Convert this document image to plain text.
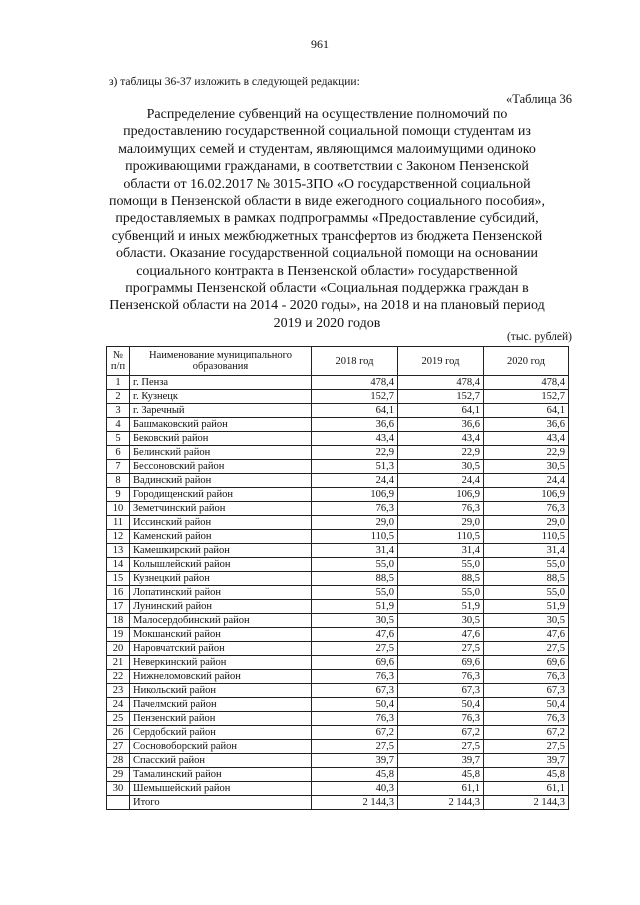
961
з) таблицы 36-37 изложить в следующей редакции:
«Таблица 36
Распределение субвенций на осуществление полномочий по
предоставлению государственной социальной помощи студентам из
малоимущих семей и студентам, являющимся малоимущими одиноко
проживающими гражданами, в соответствии с Законом Пензенской
области от 16.02.2017 № 3015-ЗПО «О государственной социальной
помощи в Пензенской области в виде ежегодного социального пособия»,
предоставляемых в рамках подпрограммы «Предоставление субсидий,
субвенций и иных межбюджетных трансфертов из бюджета Пензенской
области. Оказание государственной социальной помощи на основании
социального контракта в Пензенской области» государственной
программы Пензенской области «Социальная поддержка граждан в
Пензенской области на 2014 - 2020 годы», на 2018 и на плановый период
2019 и 2020 годов
(тыс. рублей)
№ п/п	Наименование муниципального образования	2018 год	2019 год	2020 год
1	г. Пенза	478,4	478,4	478,4
2	г. Кузнецк	152,7	152,7	152,7
3	г. Заречный	64,1	64,1	64,1
4	Башмаковский район	36,6	36,6	36,6
5	Бековский район	43,4	43,4	43,4
6	Белинский район	22,9	22,9	22,9
7	Бессоновский район	51,3	30,5	30,5
8	Вадинский район	24,4	24,4	24,4
9	Городищенский район	106,9	106,9	106,9
10	Земетчинский район	76,3	76,3	76,3
11	Иссинский район	29,0	29,0	29,0
12	Каменский район	110,5	110,5	110,5
13	Камешкирский район	31,4	31,4	31,4
14	Колышлейский район	55,0	55,0	55,0
15	Кузнецкий район	88,5	88,5	88,5
16	Лопатинский район	55,0	55,0	55,0
17	Лунинский район	51,9	51,9	51,9
18	Малосердобинский район	30,5	30,5	30,5
19	Мокшанский район	47,6	47,6	47,6
20	Наровчатский район	27,5	27,5	27,5
21	Неверкинский район	69,6	69,6	69,6
22	Нижнеломовский район	76,3	76,3	76,3
23	Никольский район	67,3	67,3	67,3
24	Пачелмский район	50,4	50,4	50,4
25	Пензенский район	76,3	76,3	76,3
26	Сердобский район	67,2	67,2	67,2
27	Сосновоборский район	27,5	27,5	27,5
28	Спасский район	39,7	39,7	39,7
29	Тамалинский район	45,8	45,8	45,8
30	Шемышейский район	40,3	61,1	61,1
	Итого	2 144,3	2 144,3	2 144,3
